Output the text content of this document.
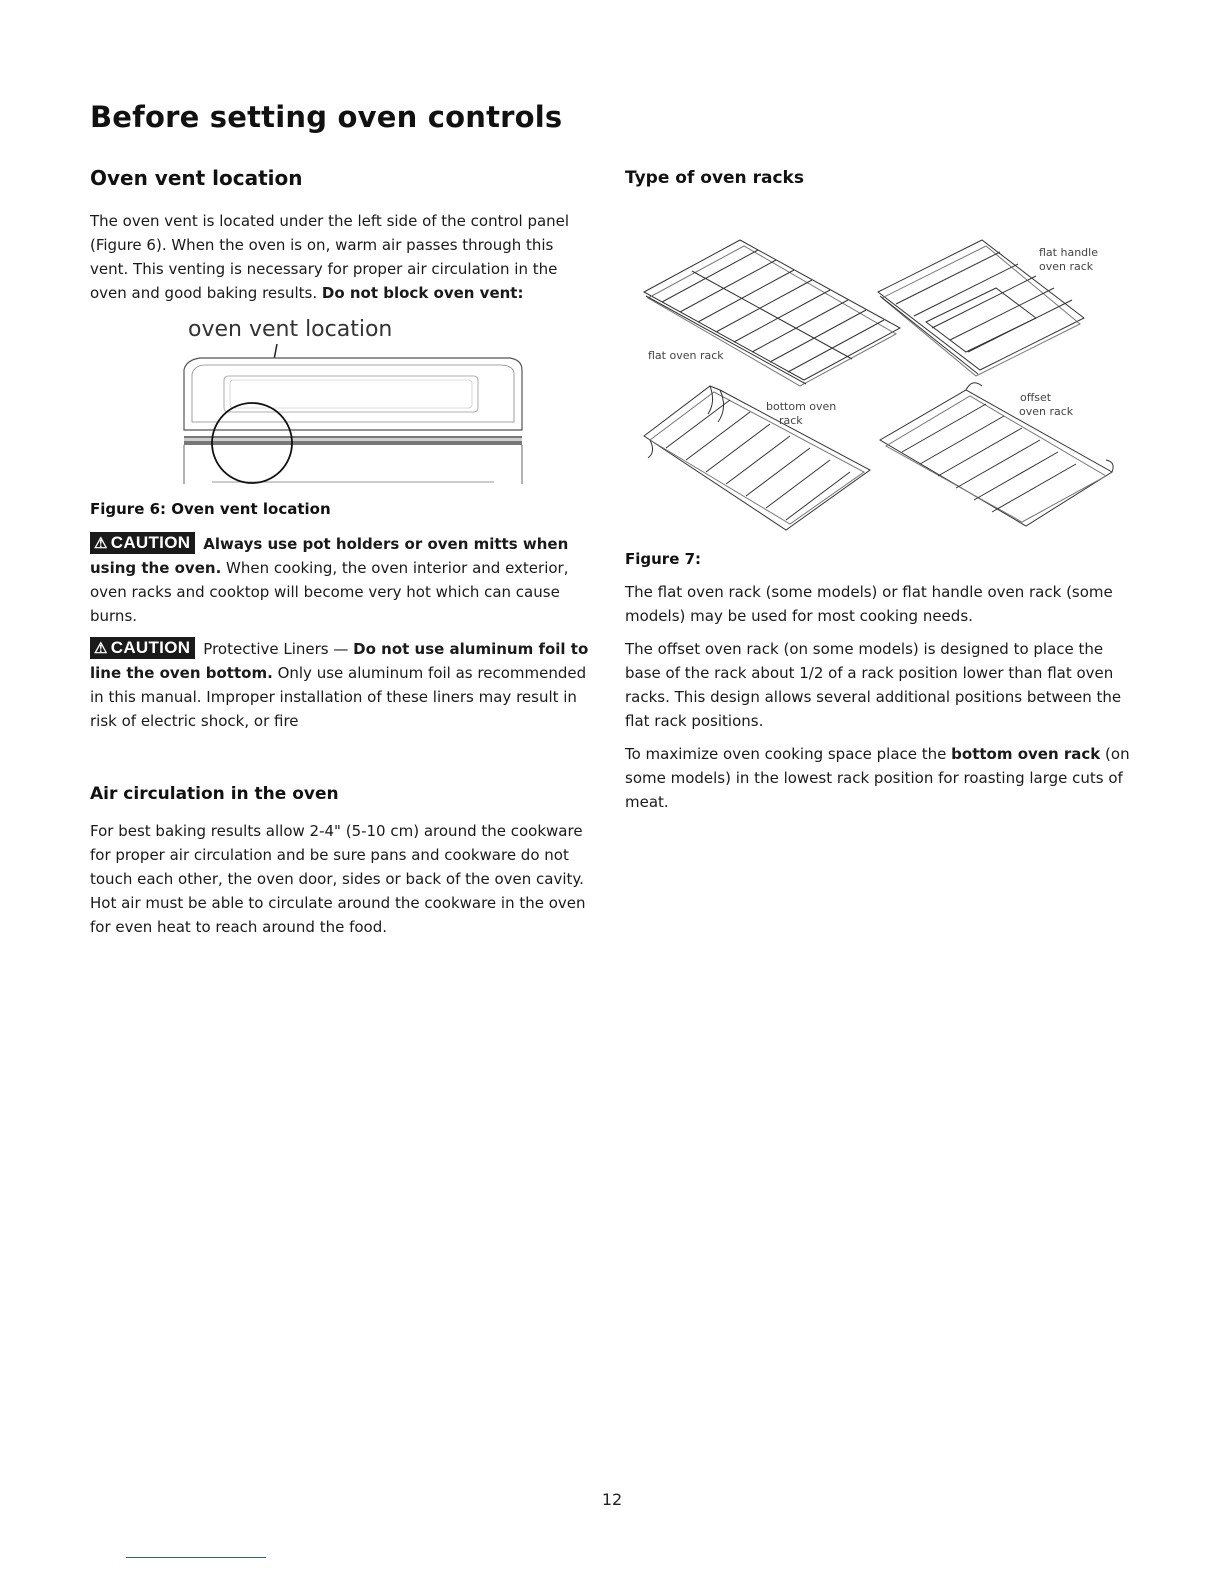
Before setting oven controls
Oven vent location

The oven vent is located under the left side of the control panel (Figure 6). When the oven is on, warm air passes through this vent. This venting is necessary for proper air circulation in the oven and good baking results. Do not block oven vent:

oven vent location

Figure 6: Oven vent location

⚠ CAUTION Always use pot holders or oven mitts when using the oven. When cooking, the oven interior and exterior, oven racks and cooktop will become very hot which can cause burns.

⚠ CAUTION Protective Liners — Do not use aluminum foil to line the oven bottom. Only use aluminum foil as recommended in this manual. Improper installation of these liners may result in risk of electric shock, or fire

Air circulation in the oven

For best baking results allow 2-4" (5-10 cm) around the cookware for proper air circulation and be sure pans and cookware do not touch each other, the oven door, sides or back of the oven cavity. Hot air must be able to circulate around the cookware in the oven for even heat to reach around the food.

Type of oven racks
flat oven rack
flat handle
oven rack
bottom oven
rack
offset
oven rack

Figure 7:

The flat oven rack (some models) or flat handle oven rack (some models) may be used for most cooking needs.

The offset oven rack (on some models) is designed to place the base of the rack about 1/2 of a rack position lower than flat oven racks. This design allows several additional positions between the flat rack positions.

To maximize oven cooking space place the bottom oven rack (on some models) in the lowest rack position for roasting large cuts of meat.

12
